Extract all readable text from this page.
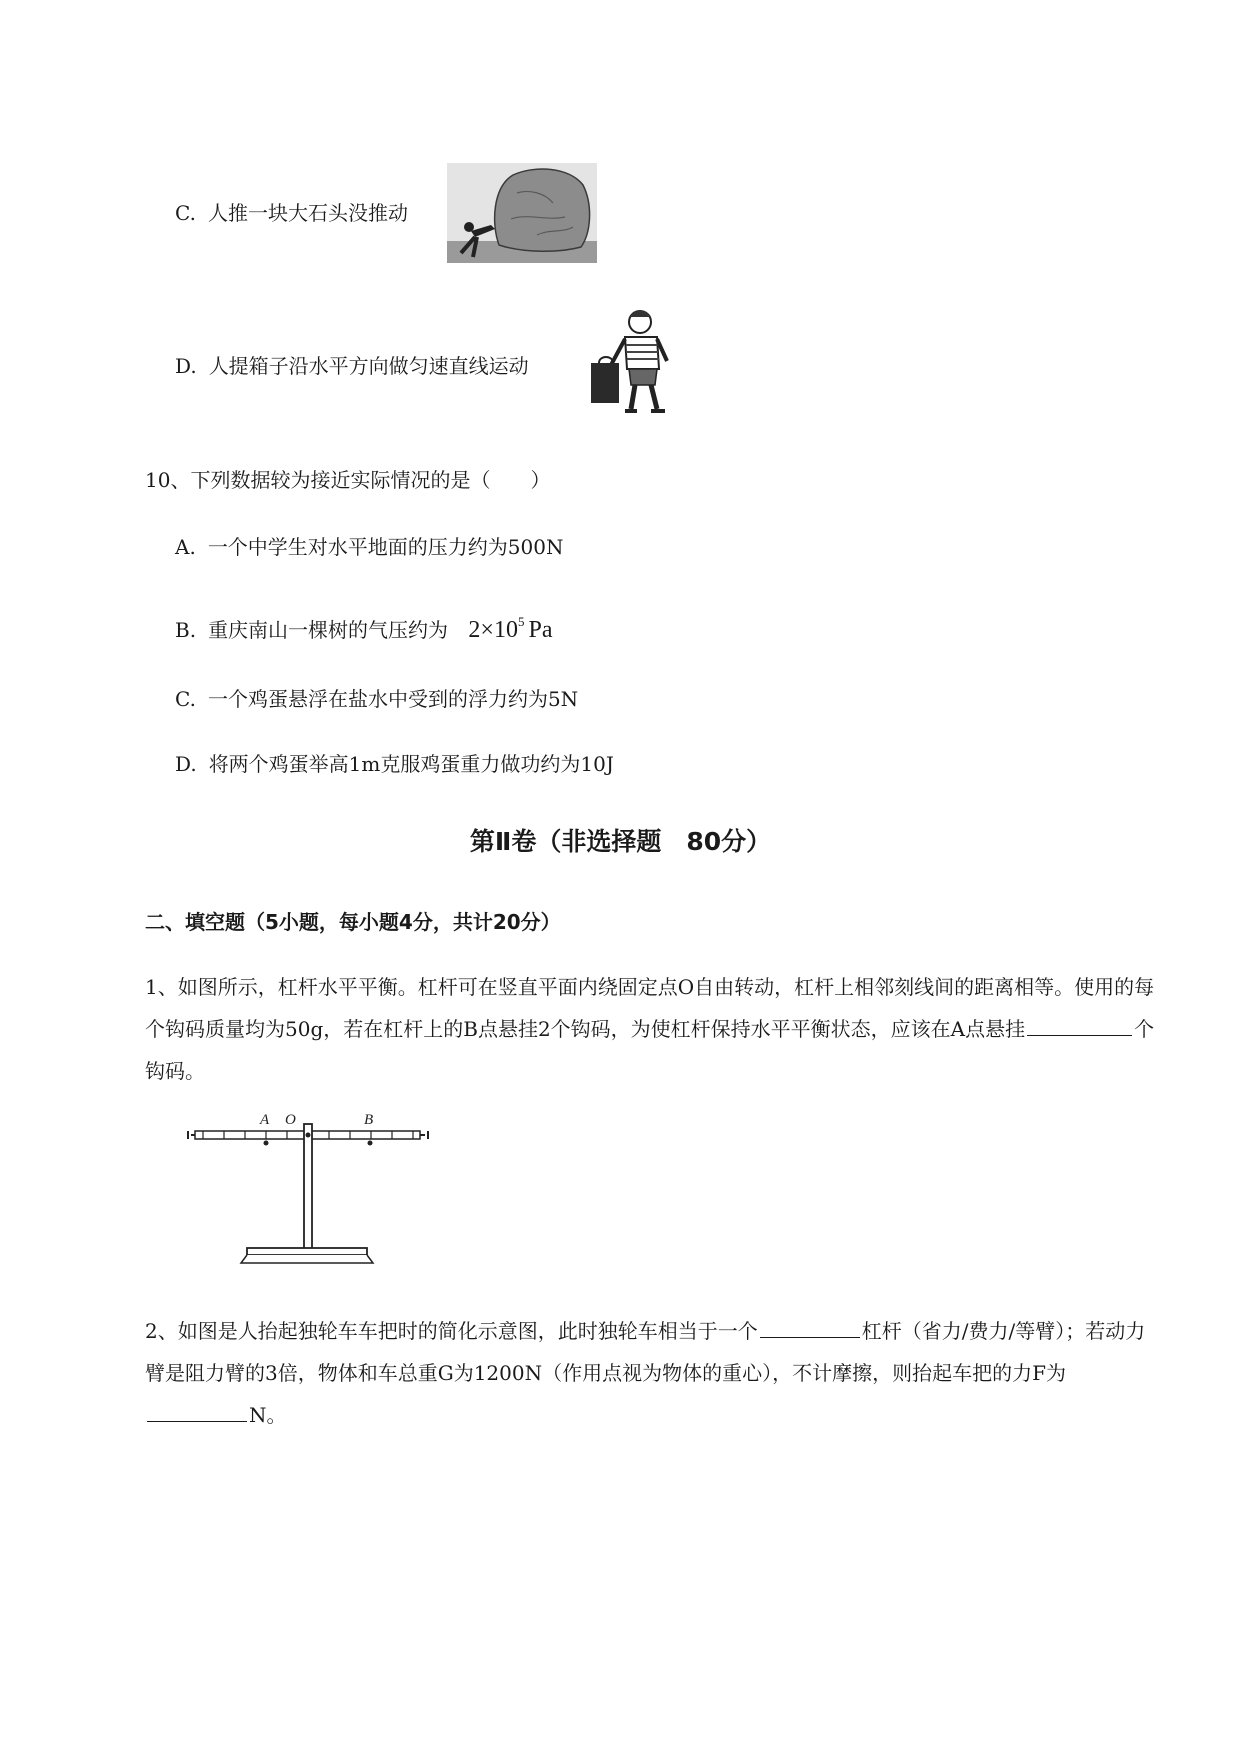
C. 人推一块大石头没推动
D. 人提箱子沿水平方向做匀速直线运动
10、下列数据较为接近实际情况的是（　　）
A. 一个中学生对水平地面的压力约为500N
B. 重庆南山一棵树的气压约为 $2\times 10^5$ Pa
C. 一个鸡蛋悬浮在盐水中受到的浮力约为5N
D. 将两个鸡蛋举高1m克服鸡蛋重力做功约为10J
第Ⅱ卷（非选择题　80分）
二、填空题（5小题，每小题4分，共计20分）
1、如图所示，杠杆水平平衡。杠杆可在竖直平面内绕固定点O自由转动，杠杆上相邻刻线间的距离相等。使用的每个钩码质量均为50g，若在杠杆上的B点悬挂2个钩码，为使杠杆保持水平平衡状态，应该在A点悬挂	个钩码。
A O	B
2、如图是人抬起独轮车车把时的简化示意图，此时独轮车相当于一个	杠杆（省力/费力/等臂）；若动力臂是阻力臂的3倍，物体和车总重G为1200N（作用点视为物体的重心），不计摩擦，则抬起车把的力F为 N。
